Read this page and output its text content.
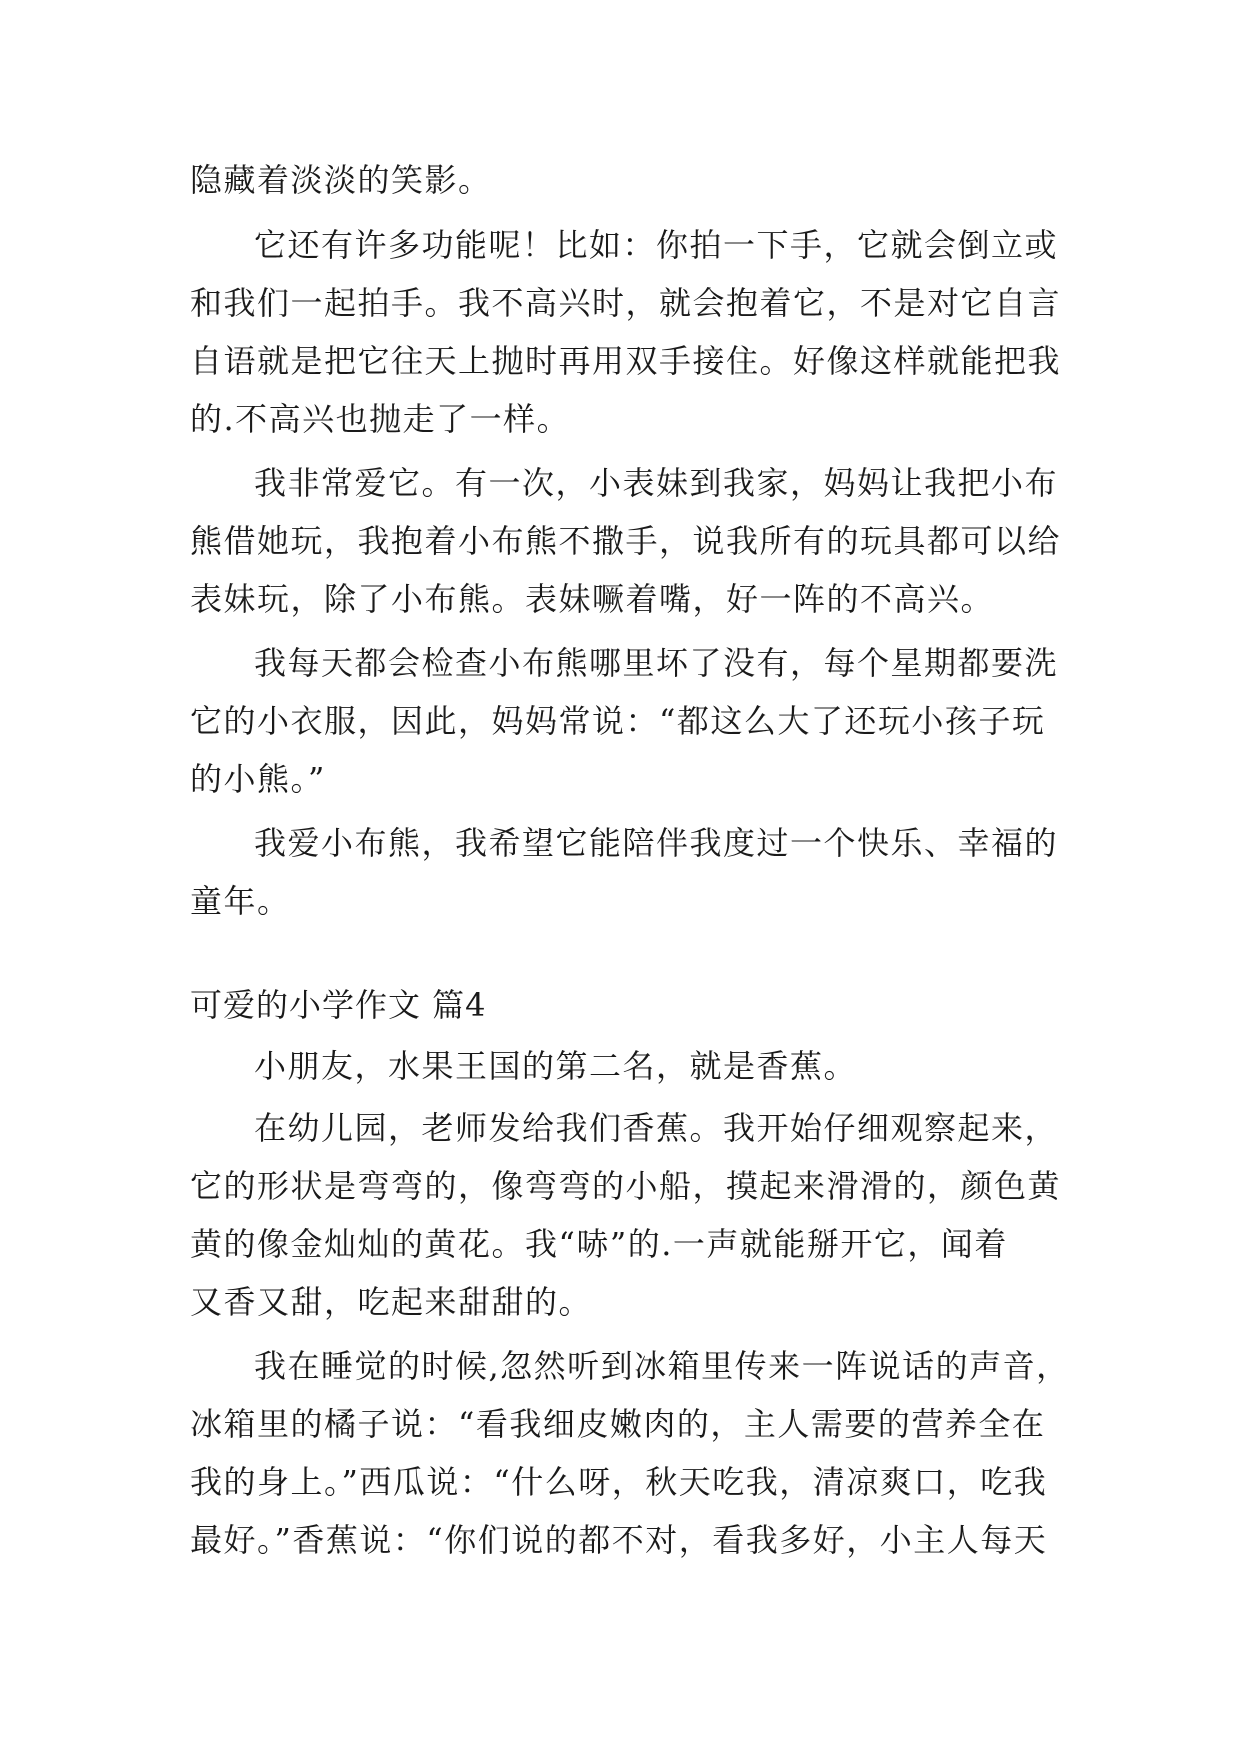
隐藏着淡淡的笑影。
它还有许多功能呢！比如：你拍一下手，它就会倒立或
和我们一起拍手。我不高兴时，就会抱着它，不是对它自言
自语就是把它往天上抛时再用双手接住。好像这样就能把我
的.不高兴也抛走了一样。
我非常爱它。有一次，小表妹到我家，妈妈让我把小布
熊借她玩，我抱着小布熊不撒手，说我所有的玩具都可以给
表妹玩，除了小布熊。表妹噘着嘴，好一阵的不高兴。
我每天都会检查小布熊哪里坏了没有，每个星期都要洗
它的小衣服，因此，妈妈常说：“都这么大了还玩小孩子玩
的小熊。”
我爱小布熊，我希望它能陪伴我度过一个快乐、幸福的
童年。
可爱的小学作文 篇4
小朋友，水果王国的第二名，就是香蕉。
在幼儿园，老师发给我们香蕉。我开始仔细观察起来，
它的形状是弯弯的，像弯弯的小船，摸起来滑滑的，颜色黄
黄的像金灿灿的黄花。我“哧”的.一声就能掰开它，闻着
又香又甜，吃起来甜甜的。
我在睡觉的时候,忽然听到冰箱里传来一阵说话的声音，
冰箱里的橘子说：“看我细皮嫩肉的，主人需要的营养全在
我的身上。”西瓜说：“什么呀，秋天吃我，清凉爽口，吃我
最好。”香蕉说：“你们说的都不对，看我多好，小主人每天
